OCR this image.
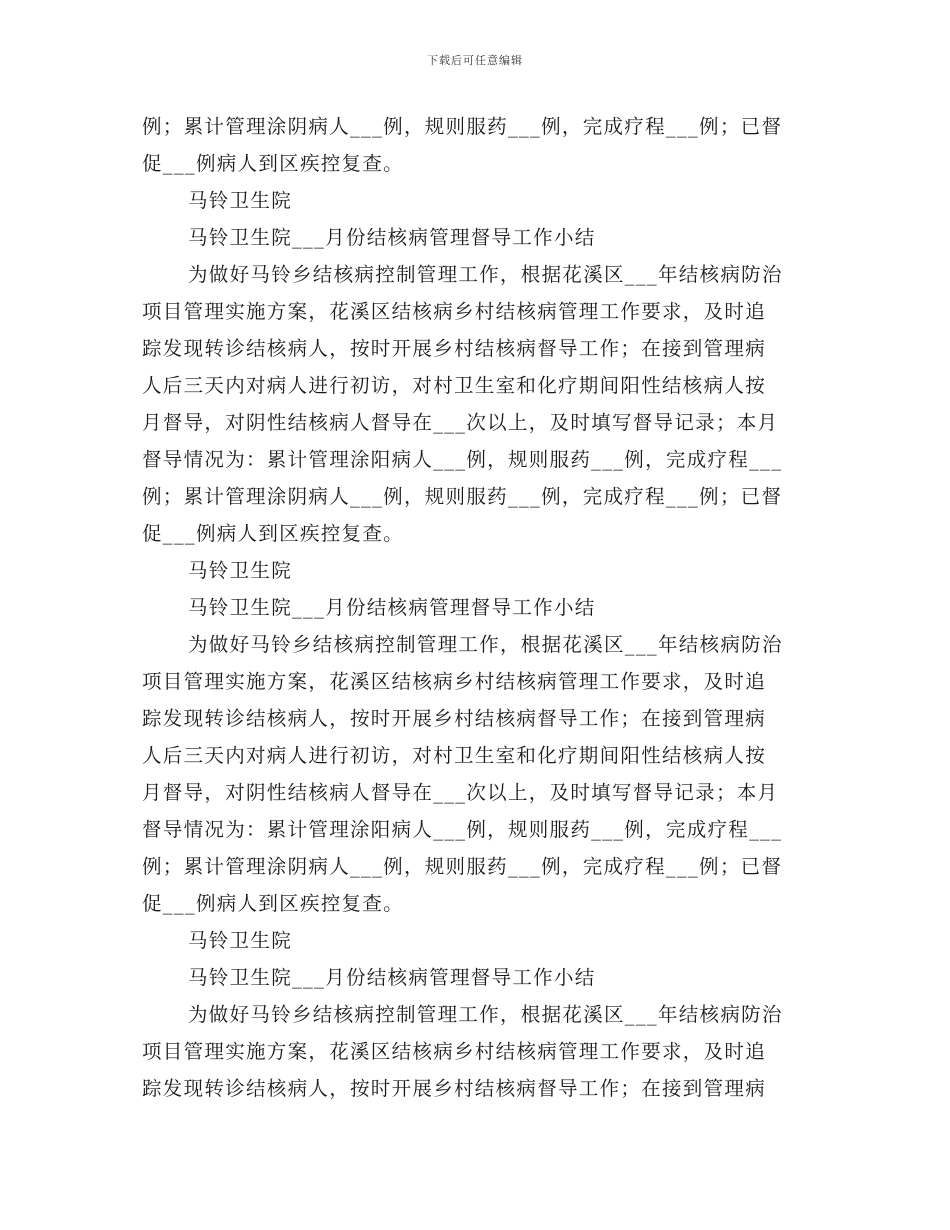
下载后可任意编辑
例；累计管理涂阴病人___例，规则服药___例，完成疗程___例；已督
促___例病人到区疾控复查。
马铃卫生院
马铃卫生院___月份结核病管理督导工作小结
为做好马铃乡结核病控制管理工作，根据花溪区___年结核病防治
项目管理实施方案，花溪区结核病乡村结核病管理工作要求，及时追
踪发现转诊结核病人，按时开展乡村结核病督导工作；在接到管理病
人后三天内对病人进行初访，对村卫生室和化疗期间阳性结核病人按
月督导，对阴性结核病人督导在___次以上，及时填写督导记录；本月
督导情况为：累计管理涂阳病人___例，规则服药___例，完成疗程___
例；累计管理涂阴病人___例，规则服药___例，完成疗程___例；已督
促___例病人到区疾控复查。
马铃卫生院
马铃卫生院___月份结核病管理督导工作小结
为做好马铃乡结核病控制管理工作，根据花溪区___年结核病防治
项目管理实施方案，花溪区结核病乡村结核病管理工作要求，及时追
踪发现转诊结核病人，按时开展乡村结核病督导工作；在接到管理病
人后三天内对病人进行初访，对村卫生室和化疗期间阳性结核病人按
月督导，对阴性结核病人督导在___次以上，及时填写督导记录；本月
督导情况为：累计管理涂阳病人___例，规则服药___例，完成疗程___
例；累计管理涂阴病人___例，规则服药___例，完成疗程___例；已督
促___例病人到区疾控复查。
马铃卫生院
马铃卫生院___月份结核病管理督导工作小结
为做好马铃乡结核病控制管理工作，根据花溪区___年结核病防治
项目管理实施方案，花溪区结核病乡村结核病管理工作要求，及时追
踪发现转诊结核病人，按时开展乡村结核病督导工作；在接到管理病
